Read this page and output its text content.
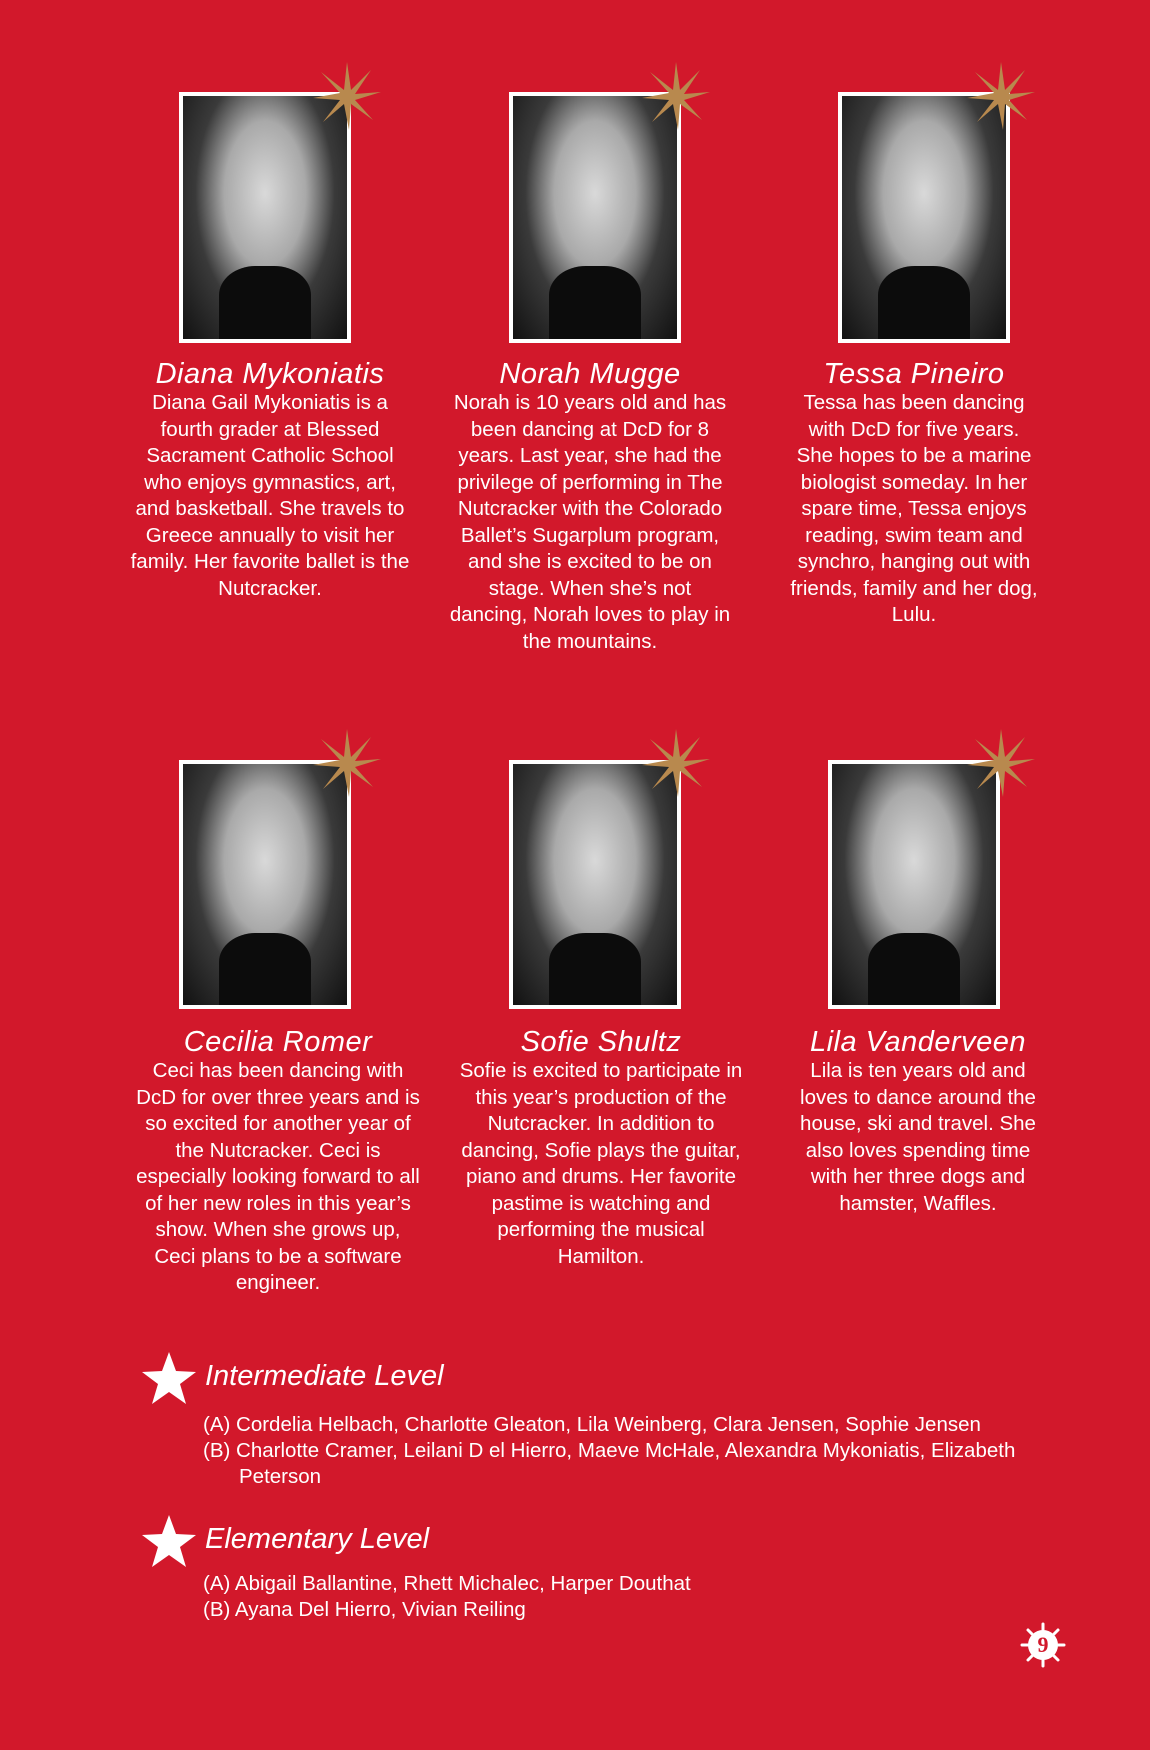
Diana Mykoniatis
Diana Gail Mykoniatis is a fourth grader at Blessed Sacrament Catholic School who enjoys gymnastics, art, and basketball. She travels to Greece annually to visit her family. Her favorite ballet is the Nutcracker.
Norah Mugge
Norah is 10 years old and has been dancing at DcD for 8 years. Last year, she had the privilege of performing in The Nutcracker with the Colorado Ballet’s Sugarplum program, and she is excited to be on stage. When she’s not dancing, Norah loves to play in the mountains.
Tessa Pineiro
Tessa has been dancing with DcD for five years. She hopes to be a marine biologist someday. In her spare time, Tessa enjoys reading, swim team and synchro, hanging out with friends, family and her dog, Lulu.
Cecilia Romer
Ceci has been dancing with DcD for over three years and is so excited for another year of the Nutcracker. Ceci is especially looking forward to all of her new roles in this year’s show. When she grows up, Ceci plans to be a software engineer.
Sofie Shultz
Sofie is excited to participate in this year’s production of the Nutcracker. In addition to dancing, Sofie plays the guitar, piano and drums. Her favorite pastime is watching and performing the musical Hamilton.
Lila Vanderveen
Lila is ten years old and loves to dance around the house, ski and travel. She also loves spending time with her three dogs and hamster, Waffles.
Intermediate Level
(A) Cordelia Helbach, Charlotte Gleaton, Lila Weinberg, Clara Jensen, Sophie Jensen
(B) Charlotte Cramer, Leilani D el Hierro, Maeve McHale, Alexandra Mykoniatis, Elizabeth Peterson
Elementary Level
(A) Abigail Ballantine, Rhett Michalec, Harper Douthat
(B) Ayana Del Hierro, Vivian Reiling
9
